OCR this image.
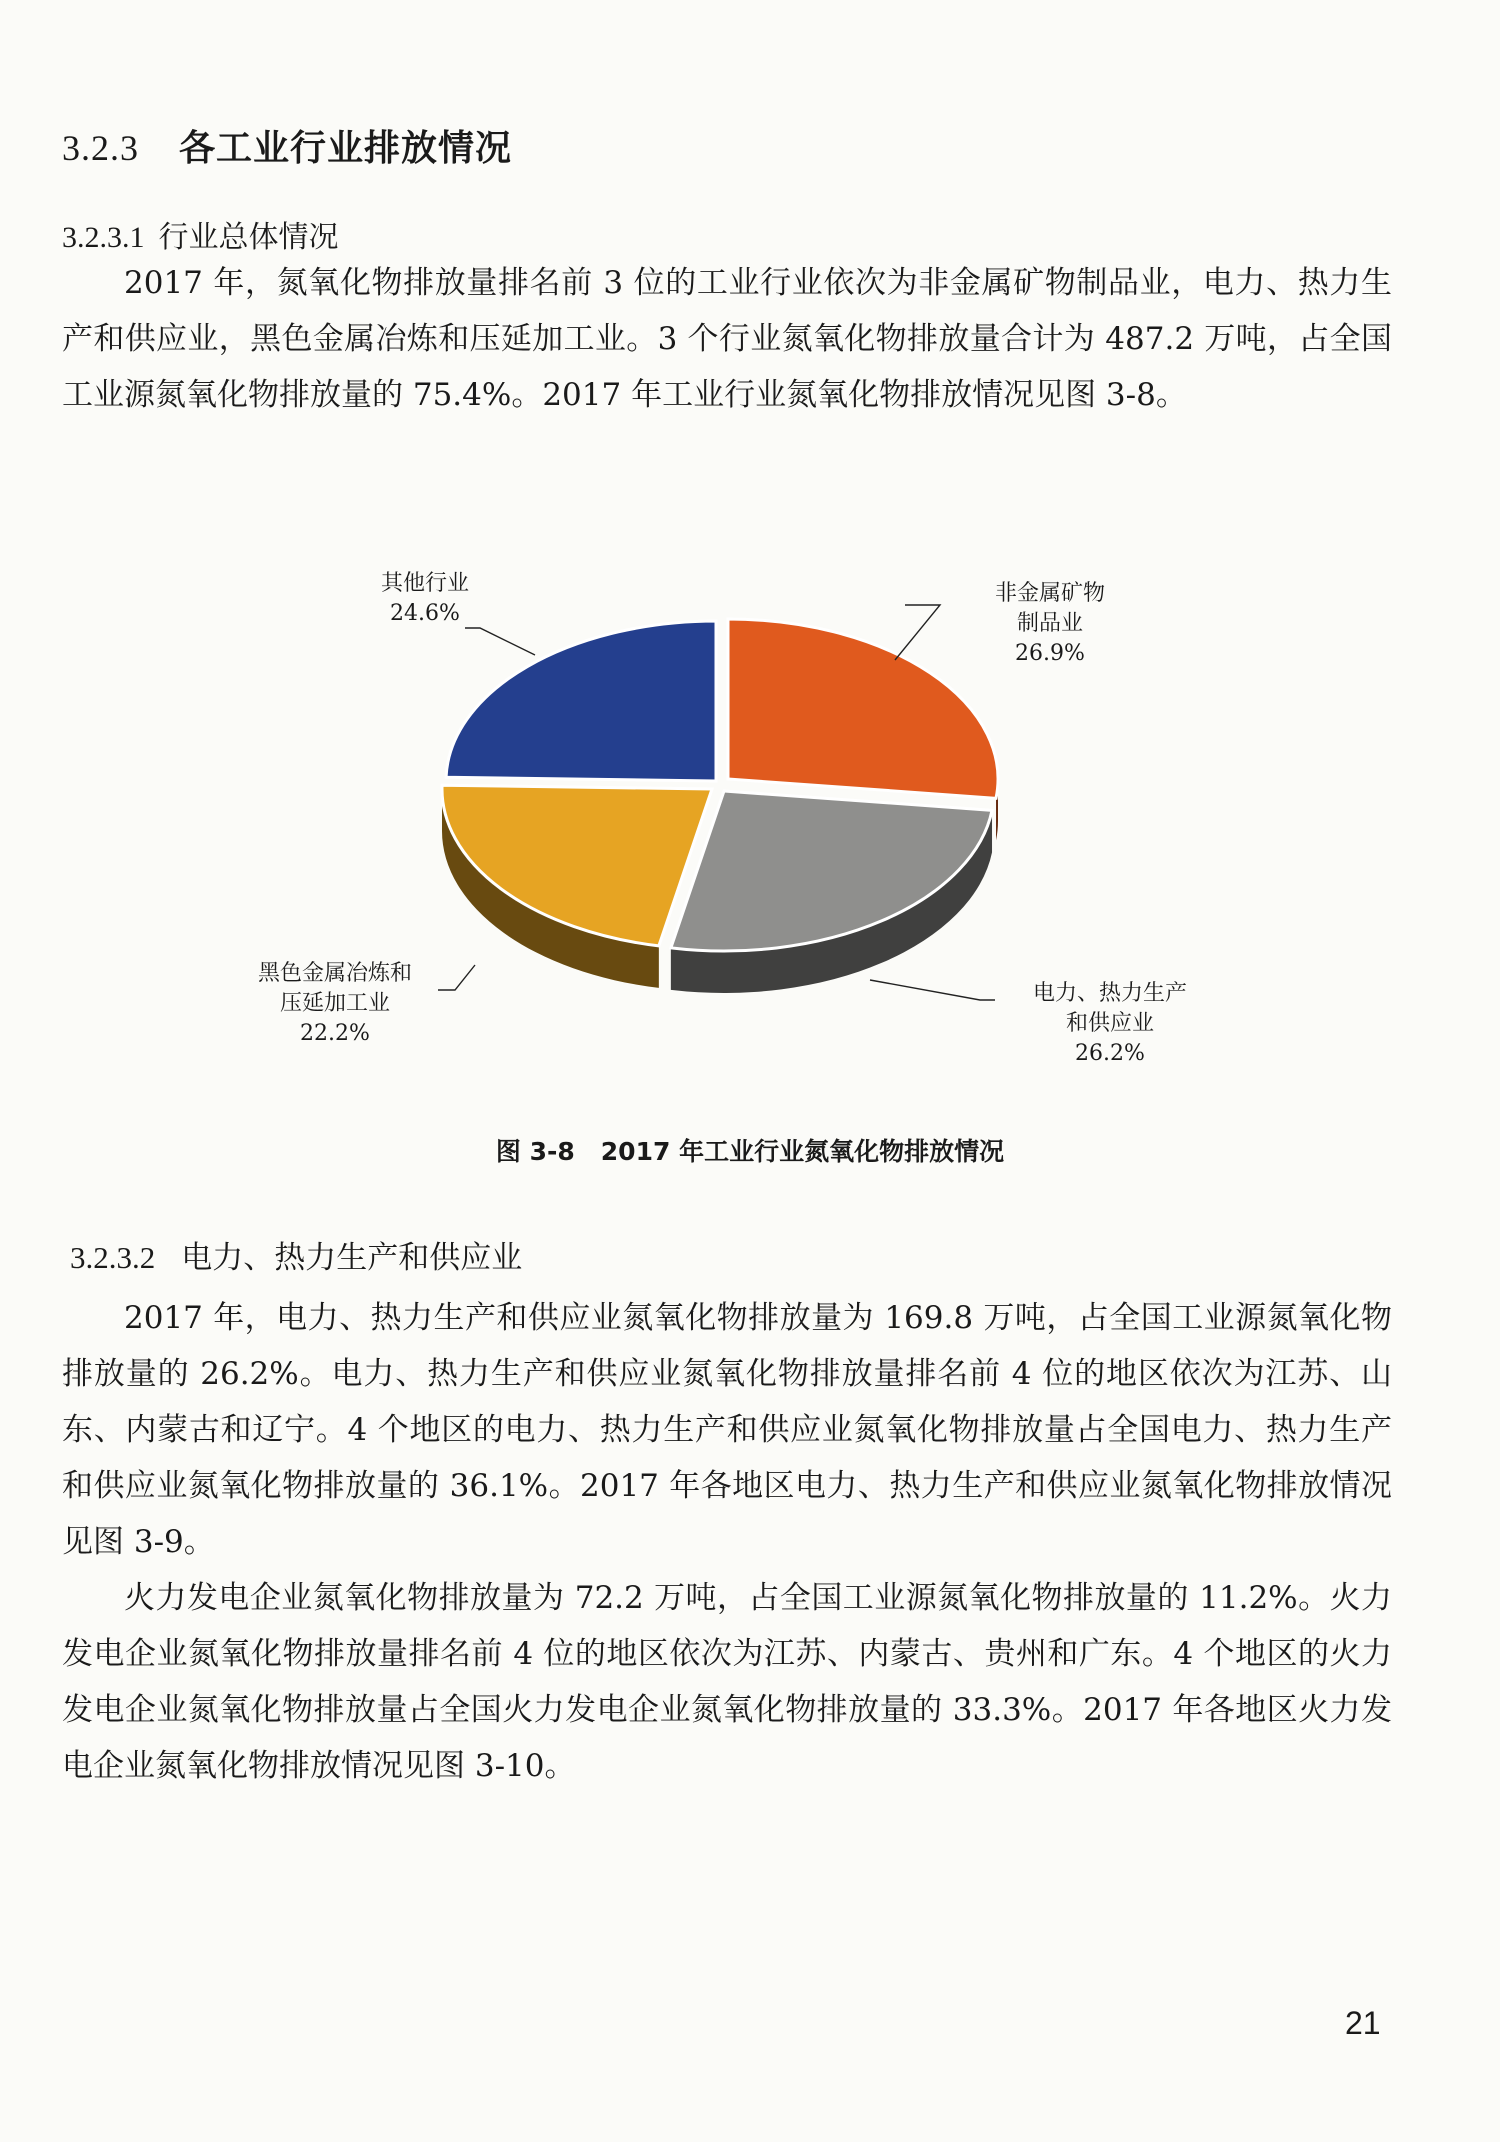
3.2.3 各工业行业排放情况
3.2.3.1 行业总体情况

2017 年，氮氧化物排放量排名前 3 位的工业行业依次为非金属矿物制品业，电力、热力生产和供应业，黑色金属冶炼和压延加工业。3 个行业氮氧化物排放量合计为 487.2 万吨，占全国工业源氮氧化物排放量的 75.4%。2017 年工业行业氮氧化物排放情况见图 3-8。

非金属矿物
制品业
26.9%
电力、热力生产
和供应业
26.2%
黑色金属冶炼和
压延加工业
22.2%
其他行业
24.6%
图 3-8 2017 年工业行业氮氧化物排放情况
3.2.3.2 电力、热力生产和供应业

2017 年，电力、热力生产和供应业氮氧化物排放量为 169.8 万吨，占全国工业源氮氧化物排放量的 26.2%。电力、热力生产和供应业氮氧化物排放量排名前 4 位的地区依次为江苏、山东、内蒙古和辽宁。4 个地区的电力、热力生产和供应业氮氧化物排放量占全国电力、热力生产和供应业氮氧化物排放量的 36.1%。2017 年各地区电力、热力生产和供应业氮氧化物排放情况见图 3-9。

火力发电企业氮氧化物排放量为 72.2 万吨，占全国工业源氮氧化物排放量的 11.2%。火力发电企业氮氧化物排放量排名前 4 位的地区依次为江苏、内蒙古、贵州和广东。4 个地区的火力发电企业氮氧化物排放量占全国火力发电企业氮氧化物排放量的 33.3%。2017 年各地区火力发电企业氮氧化物排放情况见图 3-10。

21
